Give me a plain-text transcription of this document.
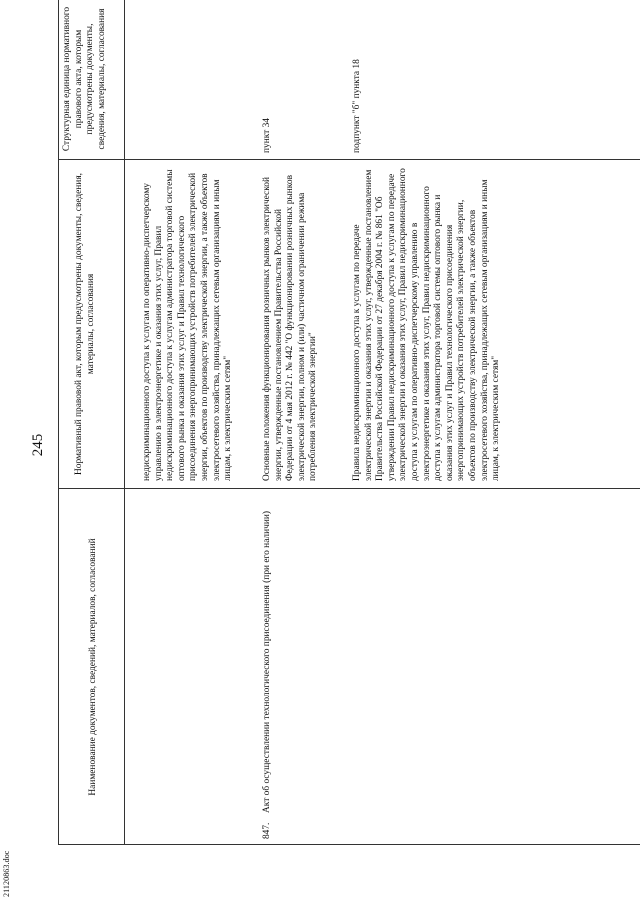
245
21120863.doc
Наименование документов, сведений, материалов, согласований
Нормативный правовой акт, которым предусмотрены документы, сведения, материалы, согласования
Структурная единица нормативного правового акта, которым предусмотрены документы, сведения, материалы, согласования
недискриминационного доступа к услугам по оперативно-диспетчерскому управлению в электроэнергетике и оказания этих услуг, Правил недискриминационного доступа к услугам администратора торговой системы оптового рынка и оказания этих услуг и Правил технологического присоединения энергопринимающих устройств потребителей электрической энергии, объектов по производству электрической энергии, а также объектов электросетевого хозяйства, принадлежащих сетевым организациям и иным лицам, к электрическим сетям"
847.
Акт об осуществлении технологического присоединения (при его наличии)
Основные положения функционирования розничных рынков электрической энергии, утвержденные постановлением Правительства Российской Федерации от 4 мая 2012 г. № 442 "О функционировании розничных рынков электрической энергии, полном и (или) частичном ограничении режима потребления электрической энергии"
пункт 34
Правила недискриминационного доступа к услугам по передаче электрической энергии и оказания этих услуг, утвержденные постановлением Правительства Российской Федерации от 27 декабря 2004 г. № 861 "Об утверждении Правил недискриминационного доступа к услугам по передаче электрической энергии и оказания этих услуг, Правил недискриминационного доступа к услугам по оперативно-диспетчерскому управлению в электроэнергетике и оказания этих услуг, Правил недискриминационного доступа к услугам администратора торговой системы оптового рынка и оказания этих услуг и Правил технологического присоединения энергопринимающих устройств потребителей электрической энергии, объектов по производству электрической энергии, а также объектов электросетевого хозяйства, принадлежащих сетевым организациям и иным лицам, к электрическим сетям"
подпункт "б" пункта 18
